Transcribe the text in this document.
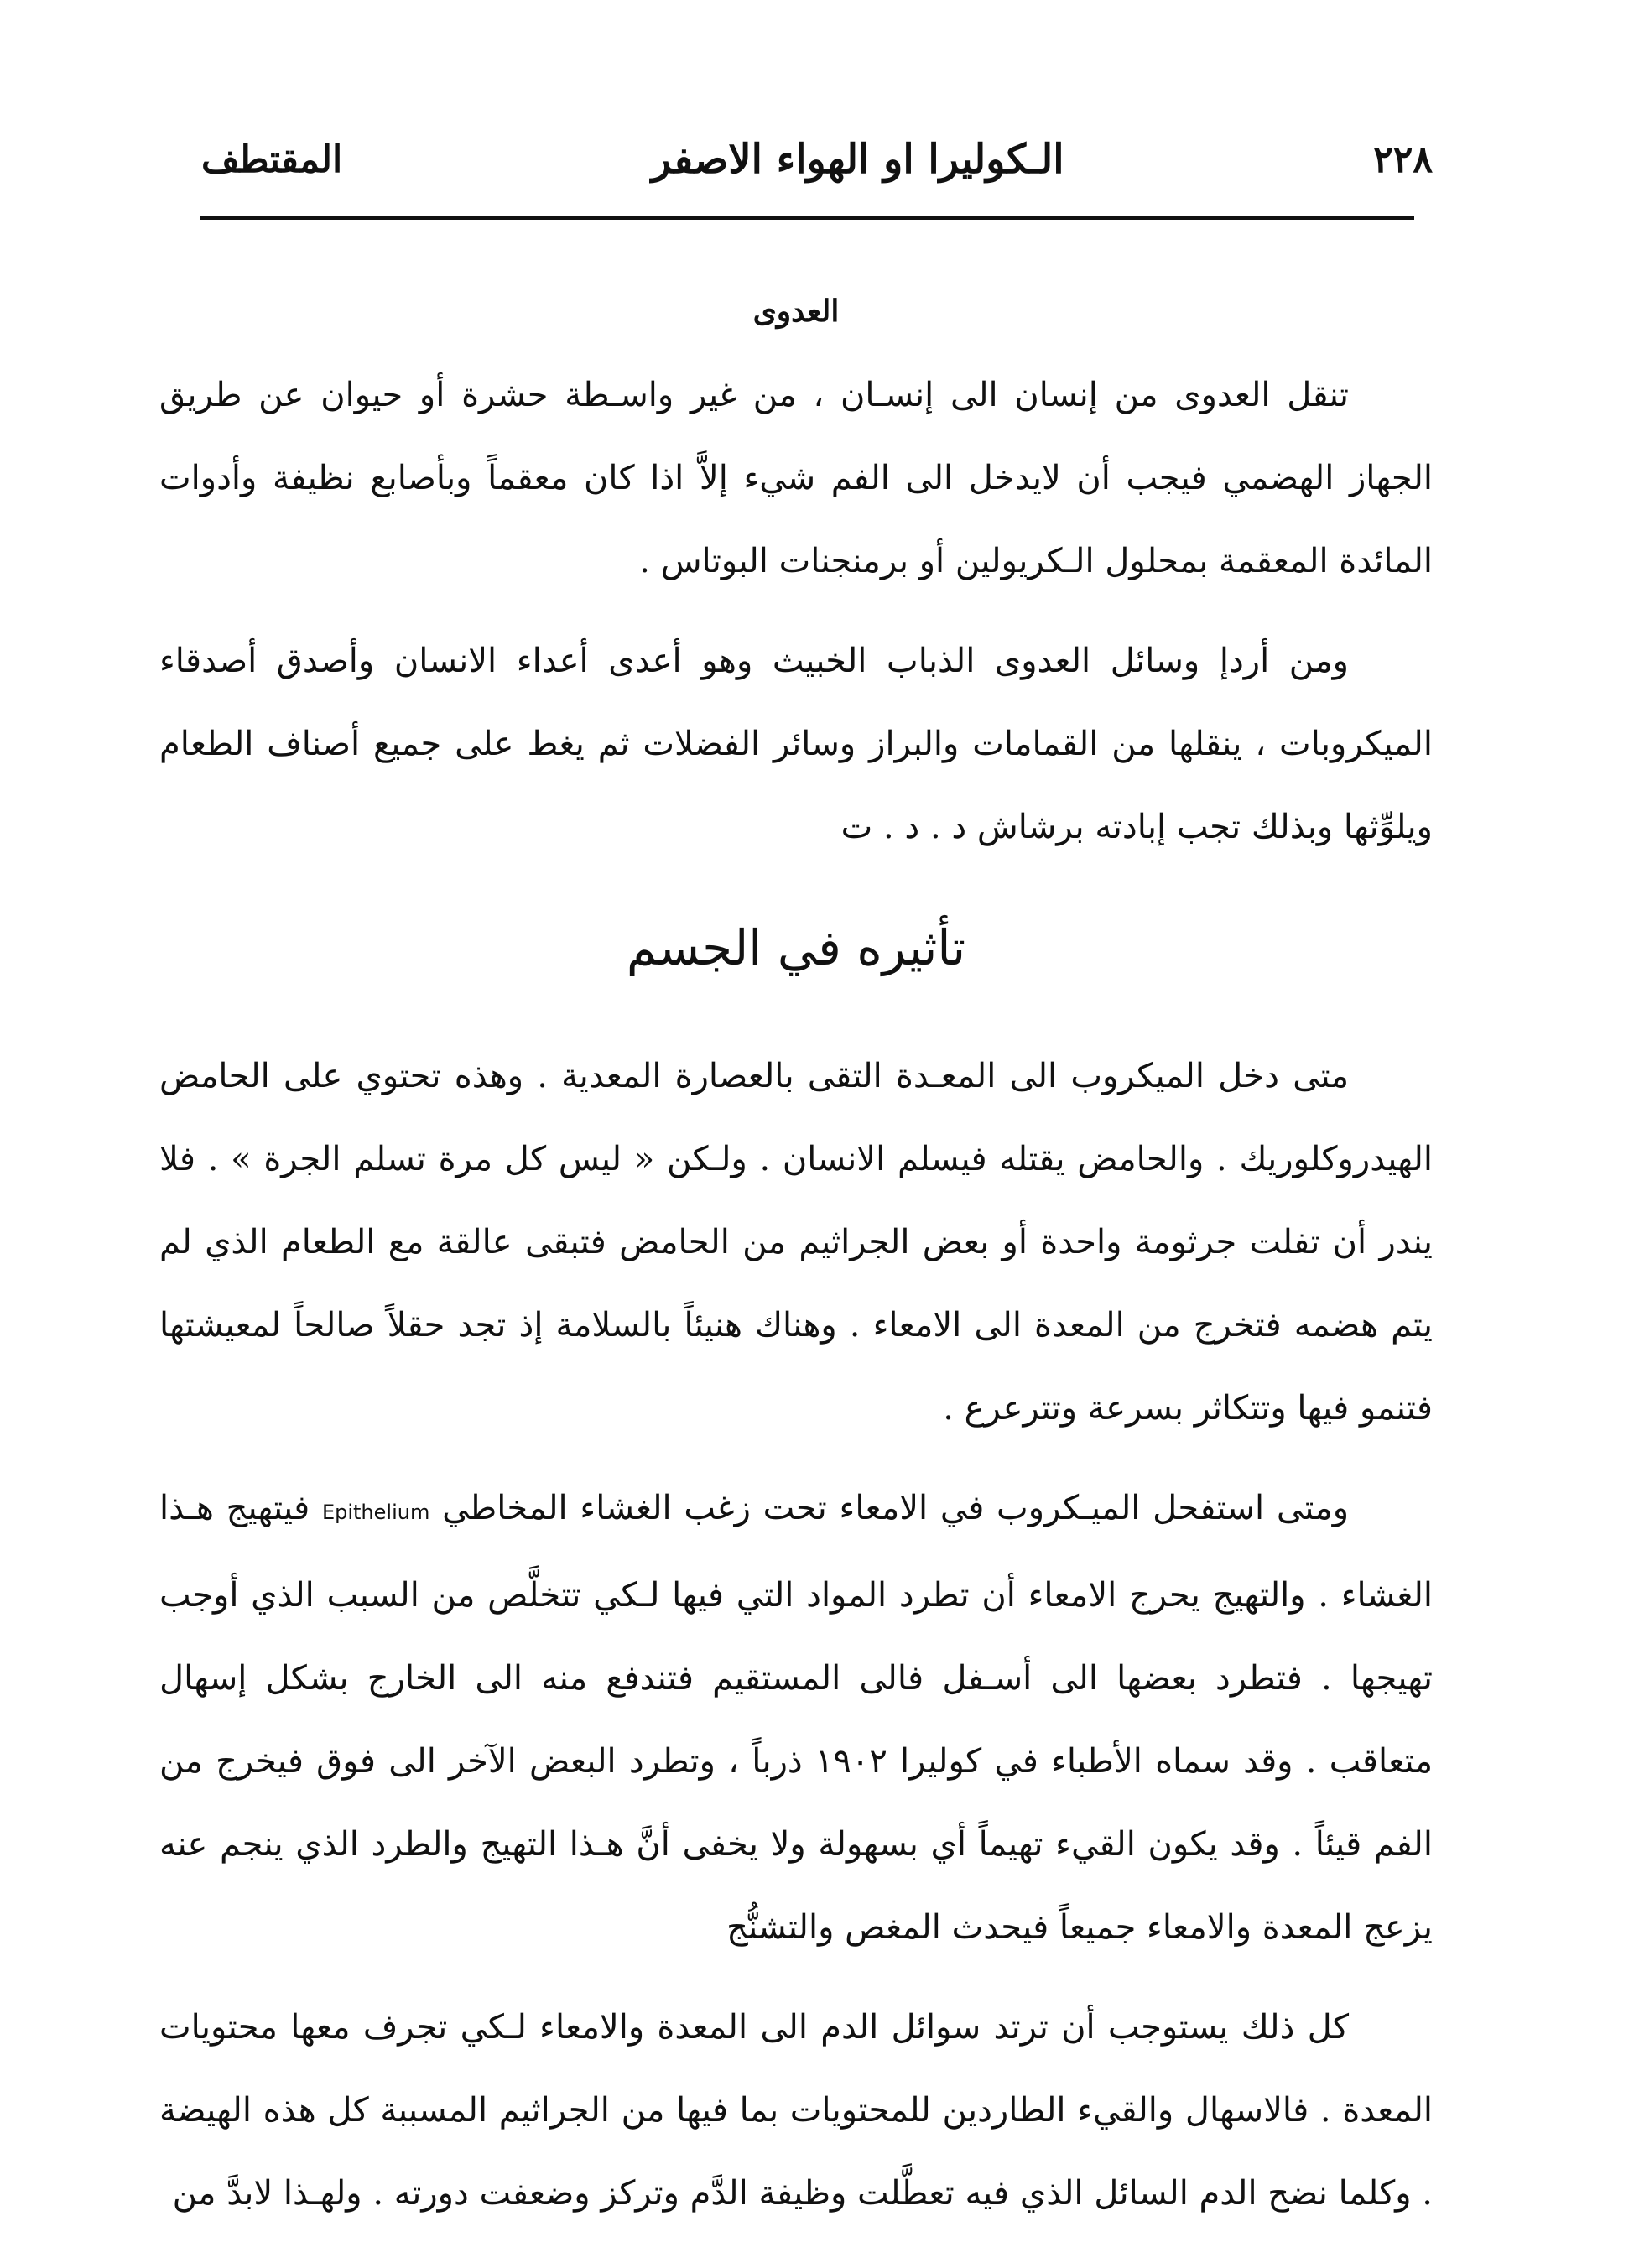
٢٢٨
الـكوليرا او الهواء الاصفر
المقتطف
العدوى

تنقل العدوى من إنسان الى إنسـان ، من غير واسـطة حشرة أو حيوان عن طريق الجهاز الهضمي فيجب أن لايدخل الى الفم شيء إلاَّ اذا كان معقماً وبأصابع نظيفة وأدوات المائدة المعقمة بمحلول الـكريولين أو برمنجنات البوتاس .

ومن أردإ وسائل العدوى الذباب الخبيث وهو أعدى أعداء الانسان وأصدق أصدقاء الميكروبات ، ينقلها من القمامات والبراز وسائر الفضلات ثم يغط على جميع أصناف الطعام ويلوِّثها وبذلك تجب إبادته برشاش د . د . ت

تأثيره في الجسم

متى دخل الميكروب الى المعـدة التقى بالعصارة المعدية . وهذه تحتوي على الحامض الهيدروكلوريك . والحامض يقتله فيسلم الانسان . ولـكن « ليس كل مرة تسلم الجرة » . فلا يندر أن تفلت جرثومة واحدة أو بعض الجراثيم من الحامض فتبقى عالقة مع الطعام الذي لم يتم هضمه فتخرج من المعدة الى الامعاء . وهناك هنيئاً بالسلامة إذ تجد حقلاً صالحاً لمعيشتها فتنمو فيها وتتكاثر بسرعة وتترعرع .

ومتى استفحل الميـكروب في الامعاء تحت زغب الغشاء المخاطي Epithelium فيتهيج هـذا الغشاء . والتهيج يحرج الامعاء أن تطرد المواد التي فيها لـكي تتخلَّص من السبب الذي أوجب تهيجها . فتطرد بعضها الى أسـفل فالى المستقيم فتندفع منه الى الخارج بشكل إسهال متعاقب . وقد سماه الأطباء في كوليرا ١٩٠٢ ذرباً ، وتطرد البعض الآخر الى فوق فيخرج من الفم قيئاً . وقد يكون القيء تهيماً أي بسهولة ولا يخفى أنَّ هـذا التهيج والطرد الذي ينجم عنه يزعج المعدة والامعاء جميعاً فيحدث المغص والتشنُّج

كل ذلك يستوجب أن ترتد سوائل الدم الى المعدة والامعاء لـكي تجرف معها محتويات المعدة . فالاسهال والقيء الطاردين للمحتويات بما فيها من الجراثيم المسببة كل هذه الهيضة . وكلما نضح الدم السائل الذي فيه تعطَّلت وظيفة الدَّم وتركز وضعفت دورته . ولهـذا لابدَّ من
